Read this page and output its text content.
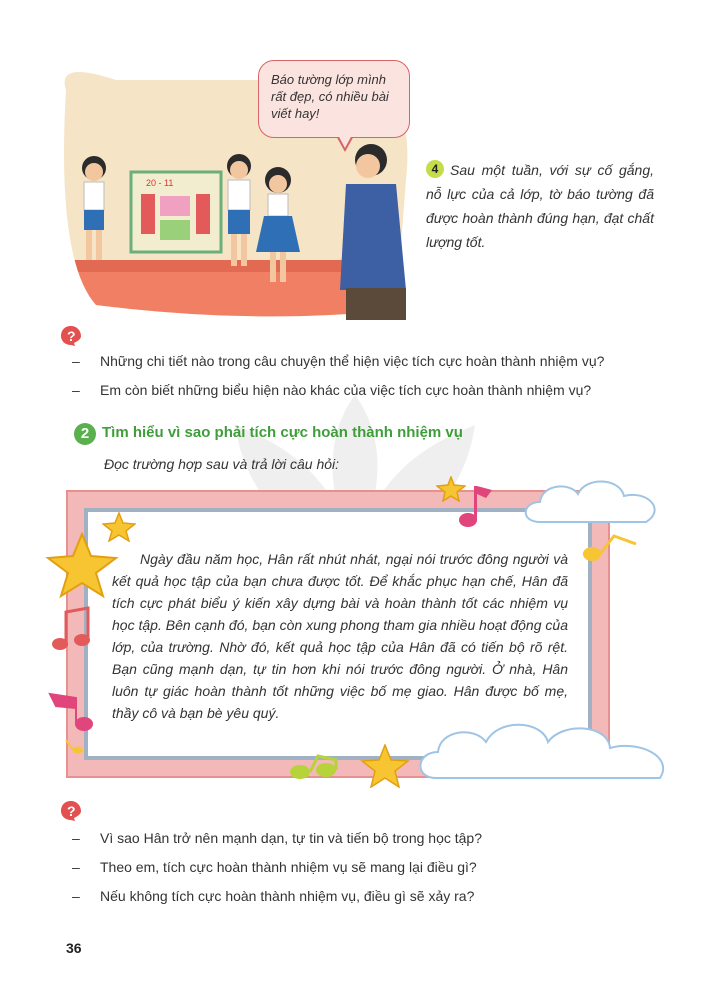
20 - 11
Báo tường lớp mình rất đẹp, có nhiều bài viết hay!
Sau một tuần, với sự cố gắng, nỗ lực của cả lớp, tờ báo tường đã được hoàn thành đúng hạn, đạt chất lượng tốt.
4
?
– Những chi tiết nào trong câu chuyện thể hiện việc tích cực hoàn thành nhiệm vụ?
– Em còn biết những biểu hiện nào khác của việc tích cực hoàn thành nhiệm vụ?
2 Tìm hiểu vì sao phải tích cực hoàn thành nhiệm vụ
Đọc trường hợp sau và trả lời câu hỏi:
Ngày đầu năm học, Hân rất nhút nhát, ngại nói trước đông người và kết quả học tập của bạn chưa được tốt. Để khắc phục hạn chế, Hân đã tích cực phát biểu ý kiến xây dựng bài và hoàn thành tốt các nhiệm vụ học tập. Bên cạnh đó, bạn còn xung phong tham gia nhiều hoạt động của lớp, của trường. Nhờ đó, kết quả học tập của Hân đã có tiến bộ rõ rệt. Bạn cũng mạnh dạn, tự tin hơn khi nói trước đông người. Ở nhà, Hân luôn tự giác hoàn thành tốt những việc bố mẹ giao. Hân được bố mẹ, thầy cô và bạn bè yêu quý.
?
– Vì sao Hân trở nên mạnh dạn, tự tin và tiến bộ trong học tập?
– Theo em, tích cực hoàn thành nhiệm vụ sẽ mang lại điều gì?
– Nếu không tích cực hoàn thành nhiệm vụ, điều gì sẽ xảy ra?
36
